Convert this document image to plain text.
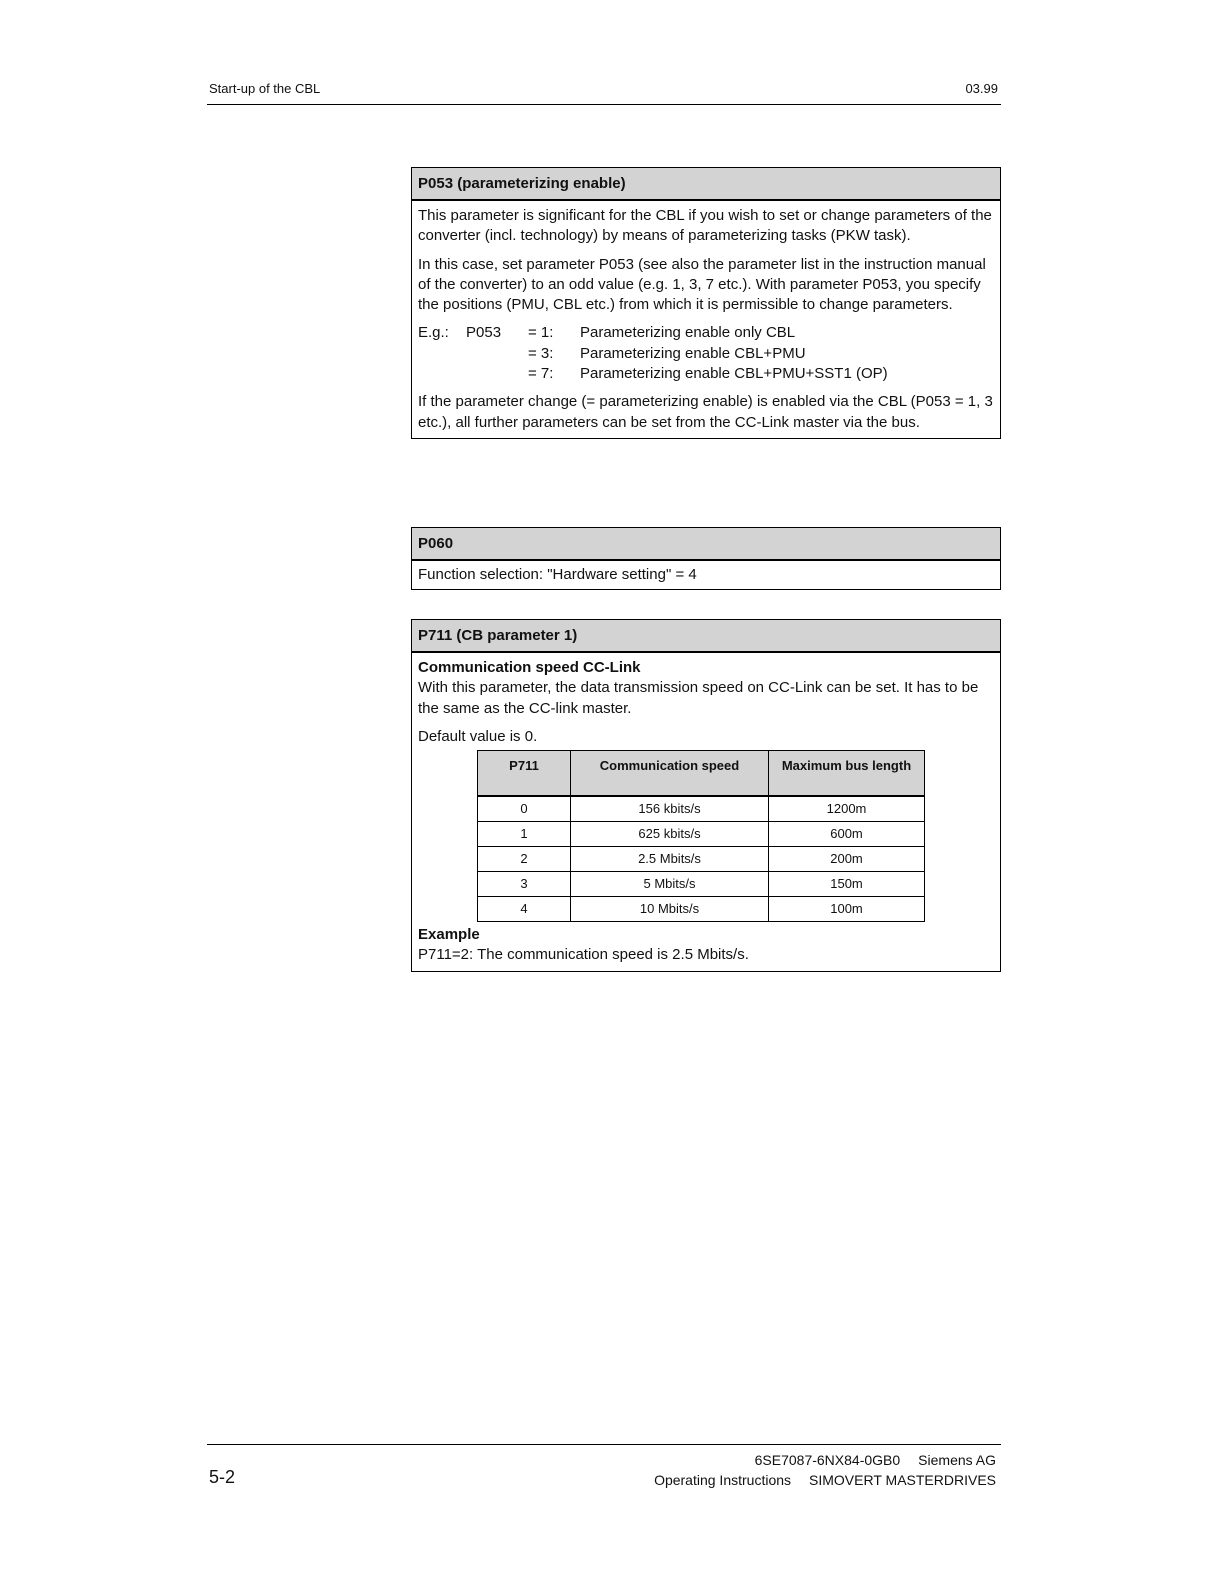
Start-up of the CBL	03.99
P053 (parameterizing enable)

This parameter is significant for the CBL if you wish to set or change parameters of the converter (incl. technology) by means of parameterizing tasks (PKW task).

In this case, set parameter P053 (see also the parameter list in the instruction manual of the converter) to an odd value (e.g. 1, 3, 7 etc.). With parameter P053, you specify the positions (PMU, CBL etc.) from which it is permissible to change parameters.

E.g.:	P053	= 1:	Parameterizing enable only CBL
= 3:	Parameterizing enable CBL+PMU
= 7:	Parameterizing enable CBL+PMU+SST1 (OP)

If the parameter change (= parameterizing enable) is enabled via the CBL (P053 = 1, 3 etc.), all further parameters can be set from the CC-Link master via the bus.

P060

Function selection: "Hardware setting" = 4

P711 (CB parameter 1)
Communication speed CC-Link

With this parameter, the data transmission speed on CC-Link can be set. It has to be the same as the CC-link master.

Default value is 0.

P711	Communication speed	Maximum bus length
0	156 kbits/s	1200m
1	625 kbits/s	600m
2	2.5 Mbits/s	200m
3	5 Mbits/s	150m
4	10 Mbits/s	100m
Example
P711=2: The communication speed is 2.5 Mbits/s.
6SE7087-6NX84-0GB0 Siemens AG
Operating Instructions SIMOVERT MASTERDRIVES
5-2
